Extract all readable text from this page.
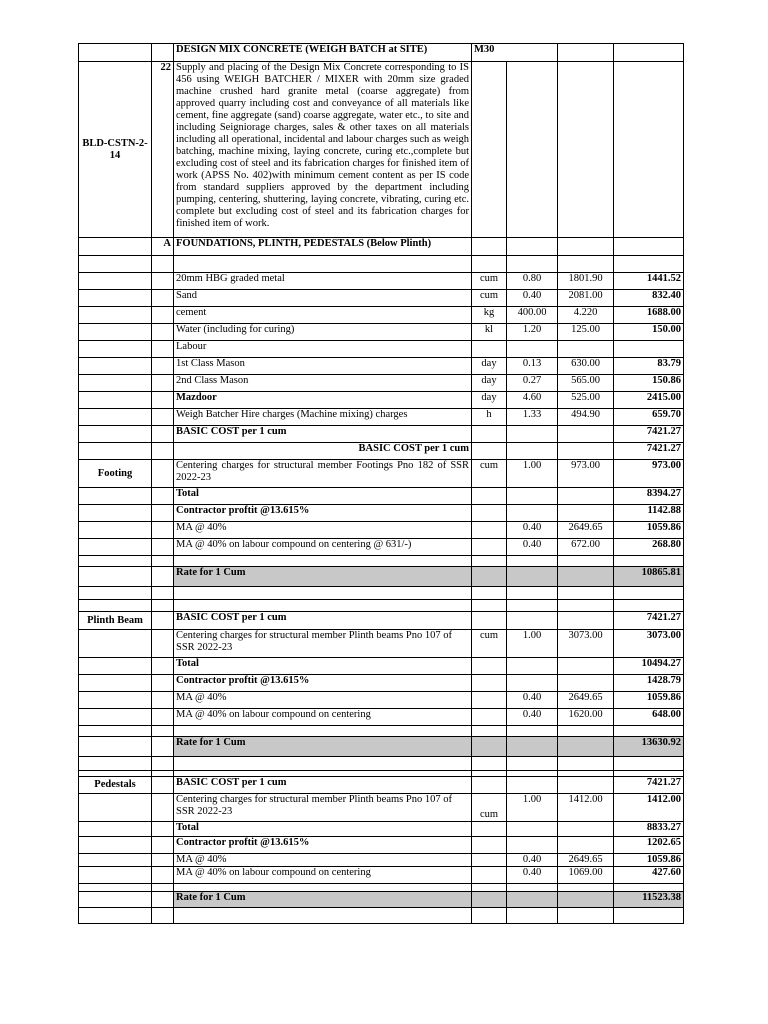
		DESIGN MIX CONCRETE (WEIGH BATCH at SITE)	M30			
BLD-CSTN-2-14	22	Supply and placing of the Design Mix Concrete corresponding to IS 456 using WEIGH BATCHER / MIXER with 20mm size graded machine crushed hard granite metal (coarse aggregate) from approved quarry including cost and conveyance of all materials like cement, fine aggregate (sand) coarse aggregate, water etc., to site and including Seigniorage charges, sales & other taxes on all materials including all operational, incidental and labour charges such as weigh batching, machine mixing, laying concrete, curing etc.,complete but excluding cost of steel and its fabrication charges for finished item of work (APSS No. 402)with minimum cement content as per IS code from standard suppliers approved by the department including pumping, centering, shuttering, laying concrete, vibrating, curing etc. complete but excluding cost of steel and its fabrication charges for finished item of work.				
	A	FOUNDATIONS, PLINTH, PEDESTALS (Below Plinth)				

		20mm HBG graded metal	cum	0.80	1801.90	1441.52
		Sand	cum	0.40	2081.00	832.40
		cement	kg	400.00	4.220	1688.00
		Water (including for curing)	kl	1.20	125.00	150.00
		Labour				
		1st Class Mason	day	0.13	630.00	83.79
		2nd Class Mason	day	0.27	565.00	150.86
		Mazdoor	day	4.60	525.00	2415.00
		Weigh Batcher Hire charges (Machine mixing) charges	h	1.33	494.90	659.70
		BASIC COST per 1 cum				7421.27
		BASIC COST per 1 cum				7421.27
Footing		Centering charges for structural member Footings Pno 182 of SSR 2022-23	cum	1.00	973.00	973.00
		Total				8394.27
		Contractor proftit @13.615%				1142.88
		MA @ 40%		0.40	2649.65	1059.86
		MA @ 40% on labour compound on centering @ 631/-)		0.40	672.00	268.80

		Rate for 1 Cum				10865.81

Plinth Beam		BASIC COST per 1 cum				7421.27
		Centering charges for structural member Plinth beams Pno 107 of SSR 2022-23	cum	1.00	3073.00	3073.00
		Total				10494.27
		Contractor proftit @13.615%				1428.79
		MA @ 40%		0.40	2649.65	1059.86
		MA @ 40% on labour compound on centering		0.40	1620.00	648.00

		Rate for 1 Cum				13630.92

Pedestals		BASIC COST per 1 cum				7421.27
		Centering charges for structural member Plinth beams Pno 107 of SSR 2022-23	cum	1.00	1412.00	1412.00
		Total				8833.27
		Contractor proftit @13.615%				1202.65
		MA @ 40%		0.40	2649.65	1059.86
		MA @ 40% on labour compound on centering		0.40	1069.00	427.60

		Rate for 1 Cum				11523.38
